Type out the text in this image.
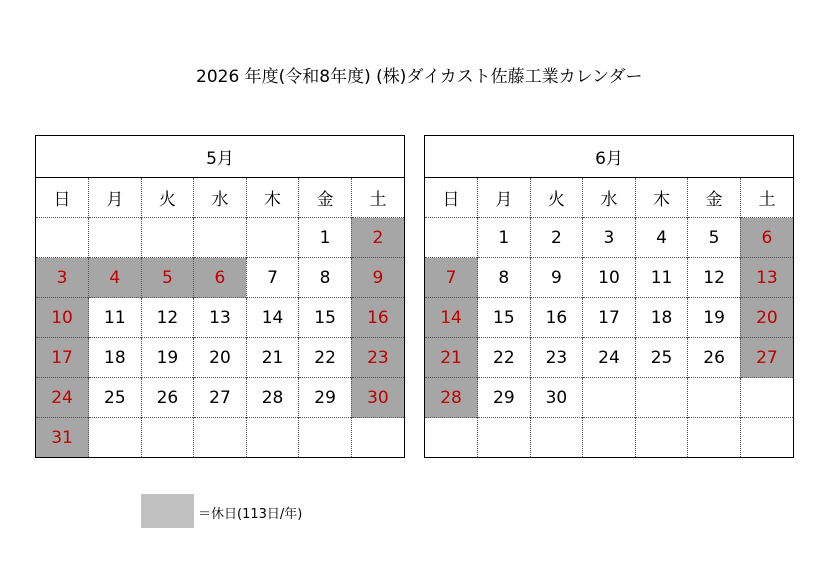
2026 年度(令和8年度) (株)ダイカスト佐藤工業カレンダー
5月						
日	月	火	水	木	金	土
					1	2
3	4	5	6	7	8	9
10	11	12	13	14	15	16
17	18	19	20	21	22	23
24	25	26	27	28	29	30
31						
6月						
日	月	火	水	木	金	土
	1	2	3	4	5	6
7	8	9	10	11	12	13
14	15	16	17	18	19	20
21	22	23	24	25	26	27
28	29	30				

＝休日(113日/年)
